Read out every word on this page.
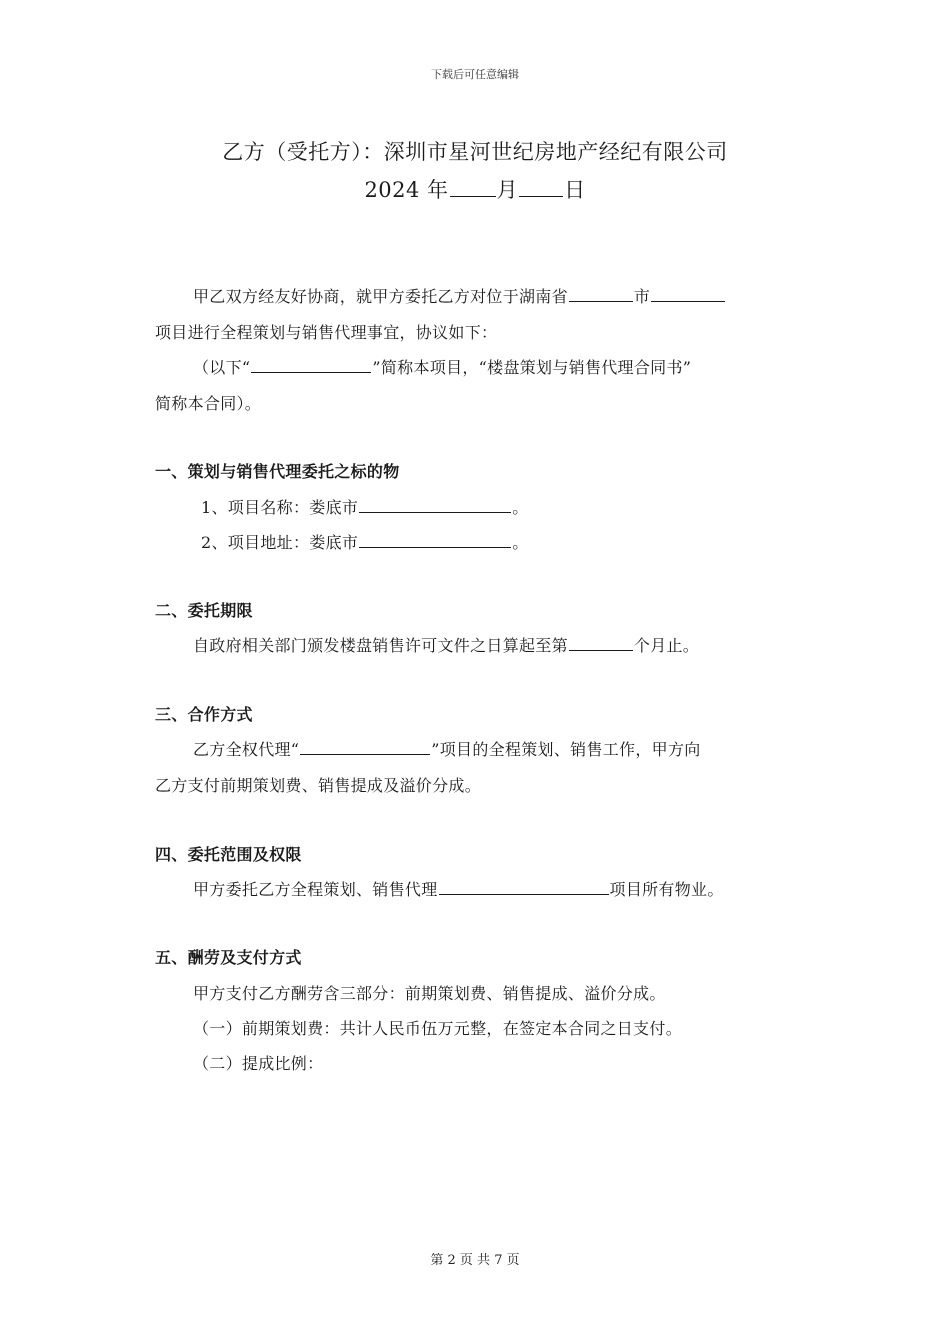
下载后可任意编辑
乙方（受托方）：深圳市星河世纪房地产经纪有限公司
2024 年 月 日
甲乙双方经友好协商，就甲方委托乙方对位于湖南省	市
项目进行全程策划与销售代理事宜，协议如下：
（以下“	”简称本项目，“楼盘策划与销售代理合同书”
简称本合同）。
一、策划与销售代理委托之标的物
1、项目名称：娄底市	。
2、项目地址：娄底市	。
二、委托期限
自政府相关部门颁发楼盘销售许可文件之日算起至第	个月止。
三、合作方式
乙方全权代理“	”项目的全程策划、销售工作，甲方向
乙方支付前期策划费、销售提成及溢价分成。
四、委托范围及权限
甲方委托乙方全程策划、销售代理	项目所有物业。
五、酬劳及支付方式
甲方支付乙方酬劳含三部分：前期策划费、销售提成、溢价分成。
（一）前期策划费：共计人民币伍万元整，在签定本合同之日支付。
（二）提成比例：
第 2 页 共 7 页
